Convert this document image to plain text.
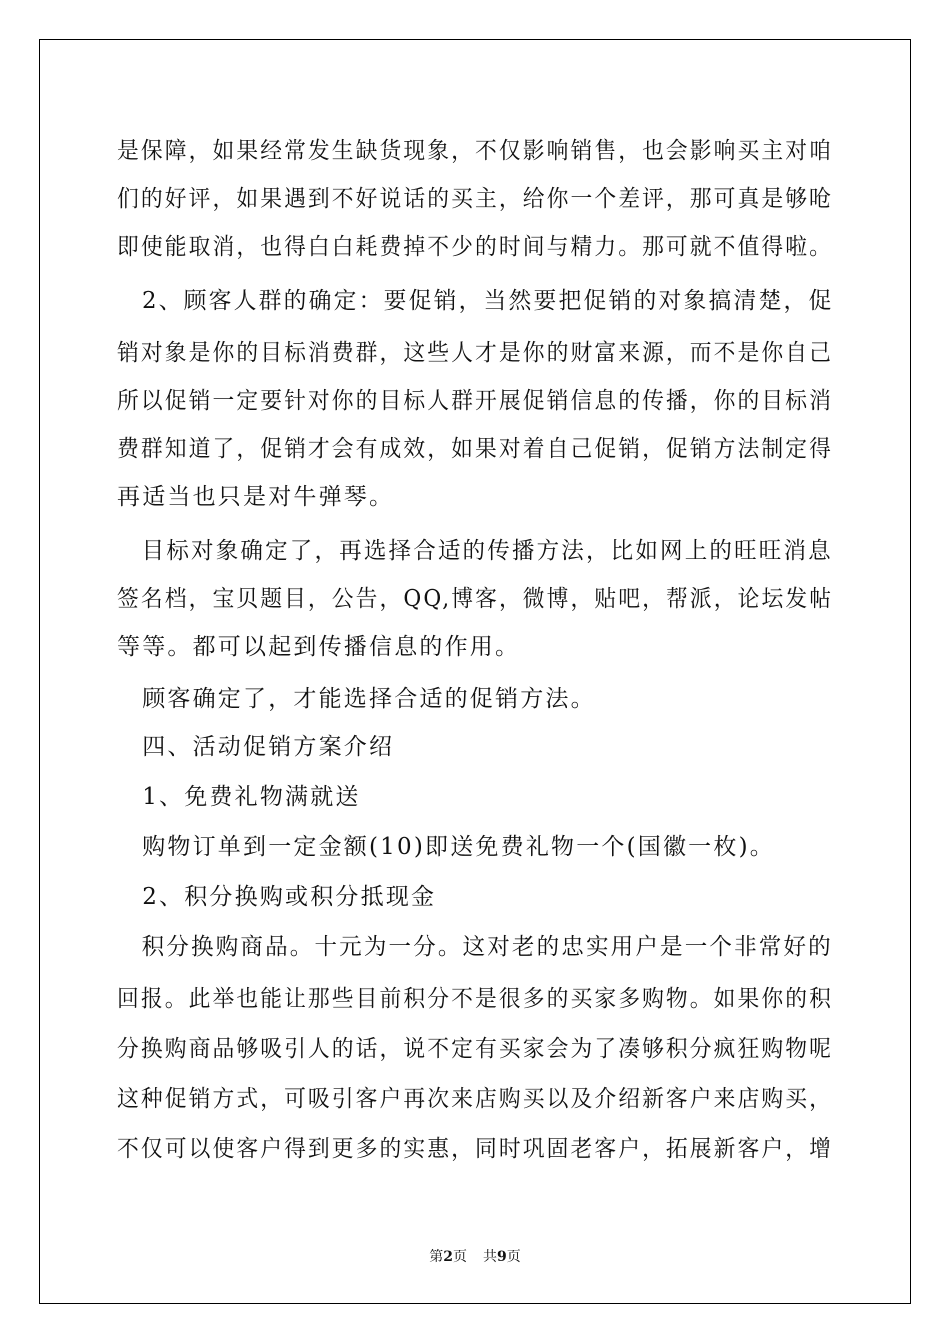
是保障，如果经常发生缺货现象，不仅影响销售，也会影响买主对咱
们的好评，如果遇到不好说话的买主，给你一个差评，那可真是够呛
即使能取消，也得白白耗费掉不少的时间与精力。那可就不值得啦。
　2、顾客人群的确定：要促销，当然要把促销的对象搞清楚，促
销对象是你的目标消费群，这些人才是你的财富来源，而不是你自己
所以促销一定要针对你的目标人群开展促销信息的传播，你的目标消
费群知道了，促销才会有成效，如果对着自己促销，促销方法制定得
再适当也只是对牛弹琴。
　目标对象确定了，再选择合适的传播方法，比如网上的旺旺消息
签名档，宝贝题目，公告，QQ,博客，微博，贴吧，帮派，论坛发帖
等等。都可以起到传播信息的作用。
　顾客确定了，才能选择合适的促销方法。
　四、活动促销方案介绍
　1、免费礼物满就送
　购物订单到一定金额(10)即送免费礼物一个(国徽一枚)。
　2、积分换购或积分抵现金
　积分换购商品。十元为一分。这对老的忠实用户是一个非常好的
回报。此举也能让那些目前积分不是很多的买家多购物。如果你的积
分换购商品够吸引人的话，说不定有买家会为了凑够积分疯狂购物呢
这种促销方式，可吸引客户再次来店购买以及介绍新客户来店购买，
不仅可以使客户得到更多的实惠，同时巩固老客户，拓展新客户，增
第2页 共9页
